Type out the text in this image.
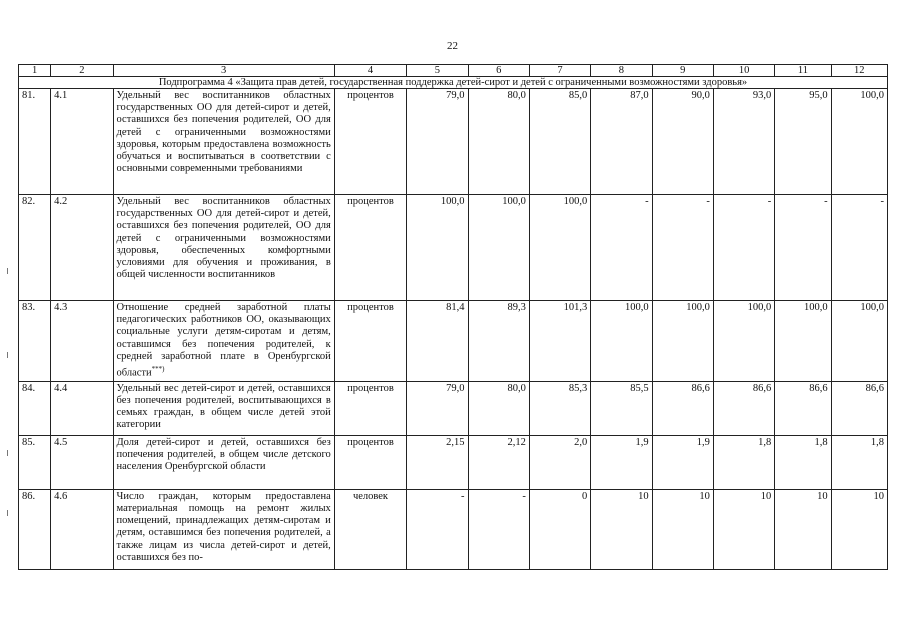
22
1	2	3	4	5	6	7	8	9	10	11	12
Подпрограмма 4 «Защита прав детей, государственная поддержка детей-сирот и детей с ограниченными возможностями здоровья»											
81.	4.1	Удельный вес воспитанников областных государственных ОО для детей-сирот и детей, оставшихся без попечения родителей, ОО для детей с ограниченными возможностями здоровья, которым предоставлена возможность обучаться и воспитываться в соответствии с основными современными требованиями	процентов	79,0	80,0	85,0	87,0	90,0	93,0	95,0	100,0
82.	4.2	Удельный вес воспитанников областных государственных ОО для детей-сирот и детей, оставшихся без попечения родителей, ОО для детей с ограниченными возможностями здоровья, обеспеченных комфортными условиями для обучения и проживания, в общей численности воспитанников	процентов	100,0	100,0	100,0	-	-	-	-	-
83.	4.3	Отношение средней заработной платы педагогических работников ОО, оказывающих социальные услуги детям-сиротам и детям, оставшимся без попечения родителей, к средней заработной плате в Оренбургской области***)	процентов	81,4	89,3	101,3	100,0	100,0	100,0	100,0	100,0
84.	4.4	Удельный вес детей-сирот и детей, оставшихся без попечения родителей, воспитывающихся в семьях граждан, в общем числе детей этой категории	процентов	79,0	80,0	85,3	85,5	86,6	86,6	86,6	86,6
85.	4.5	Доля детей-сирот и детей, оставшихся без попечения родителей, в общем числе детского населения Оренбургской области	процентов	2,15	2,12	2,0	1,9	1,9	1,8	1,8	1,8
86.	4.6	Число граждан, которым предоставлена материальная помощь на ремонт жилых помещений, принадлежащих детям-сиротам и детям, оставшимся без попечения родителей, а также лицам из числа детей-сирот и детей, оставшихся без по-	человек	-	-	0	10	10	10	10	10
